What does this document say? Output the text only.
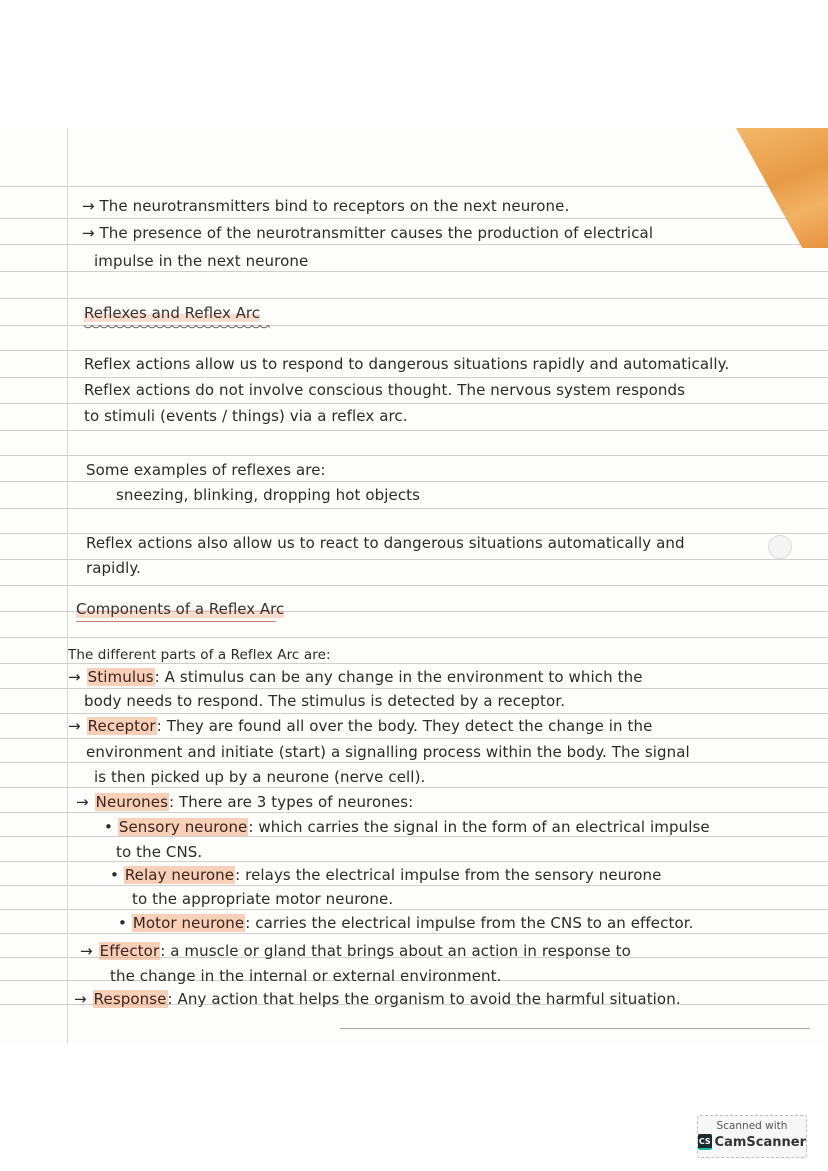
→ The neurotransmitters bind to receptors on the next neurone.
→ The presence of the neurotransmitter causes the production of electrical
impulse in the next neurone
Reflexes and Reflex Arc
Reflex actions allow us to respond to dangerous situations rapidly and automatically.
Reflex actions do not involve conscious thought. The nervous system responds
to stimuli (events / things) via a reflex arc.
Some examples of reflexes are:
sneezing, blinking, dropping hot objects
Reflex actions also allow us to react to dangerous situations automatically and
rapidly.
Components of a Reflex Arc
The different parts of a Reflex Arc are:
→ Stimulus: A stimulus can be any change in the environment to which the
body needs to respond. The stimulus is detected by a receptor.
→ Receptor: They are found all over the body. They detect the change in the
environment and initiate (start) a signalling process within the body. The signal
is then picked up by a neurone (nerve cell).
→ Neurones: There are 3 types of neurones:
• Sensory neurone: which carries the signal in the form of an electrical impulse
to the CNS.
• Relay neurone: relays the electrical impulse from the sensory neurone
to the appropriate motor neurone.
• Motor neurone: carries the electrical impulse from the CNS to an effector.
→ Effector: a muscle or gland that brings about an action in response to
the change in the internal or external environment.
→ Response: Any action that helps the organism to avoid the harmful situation.
Scanned with
CS CamScanner
